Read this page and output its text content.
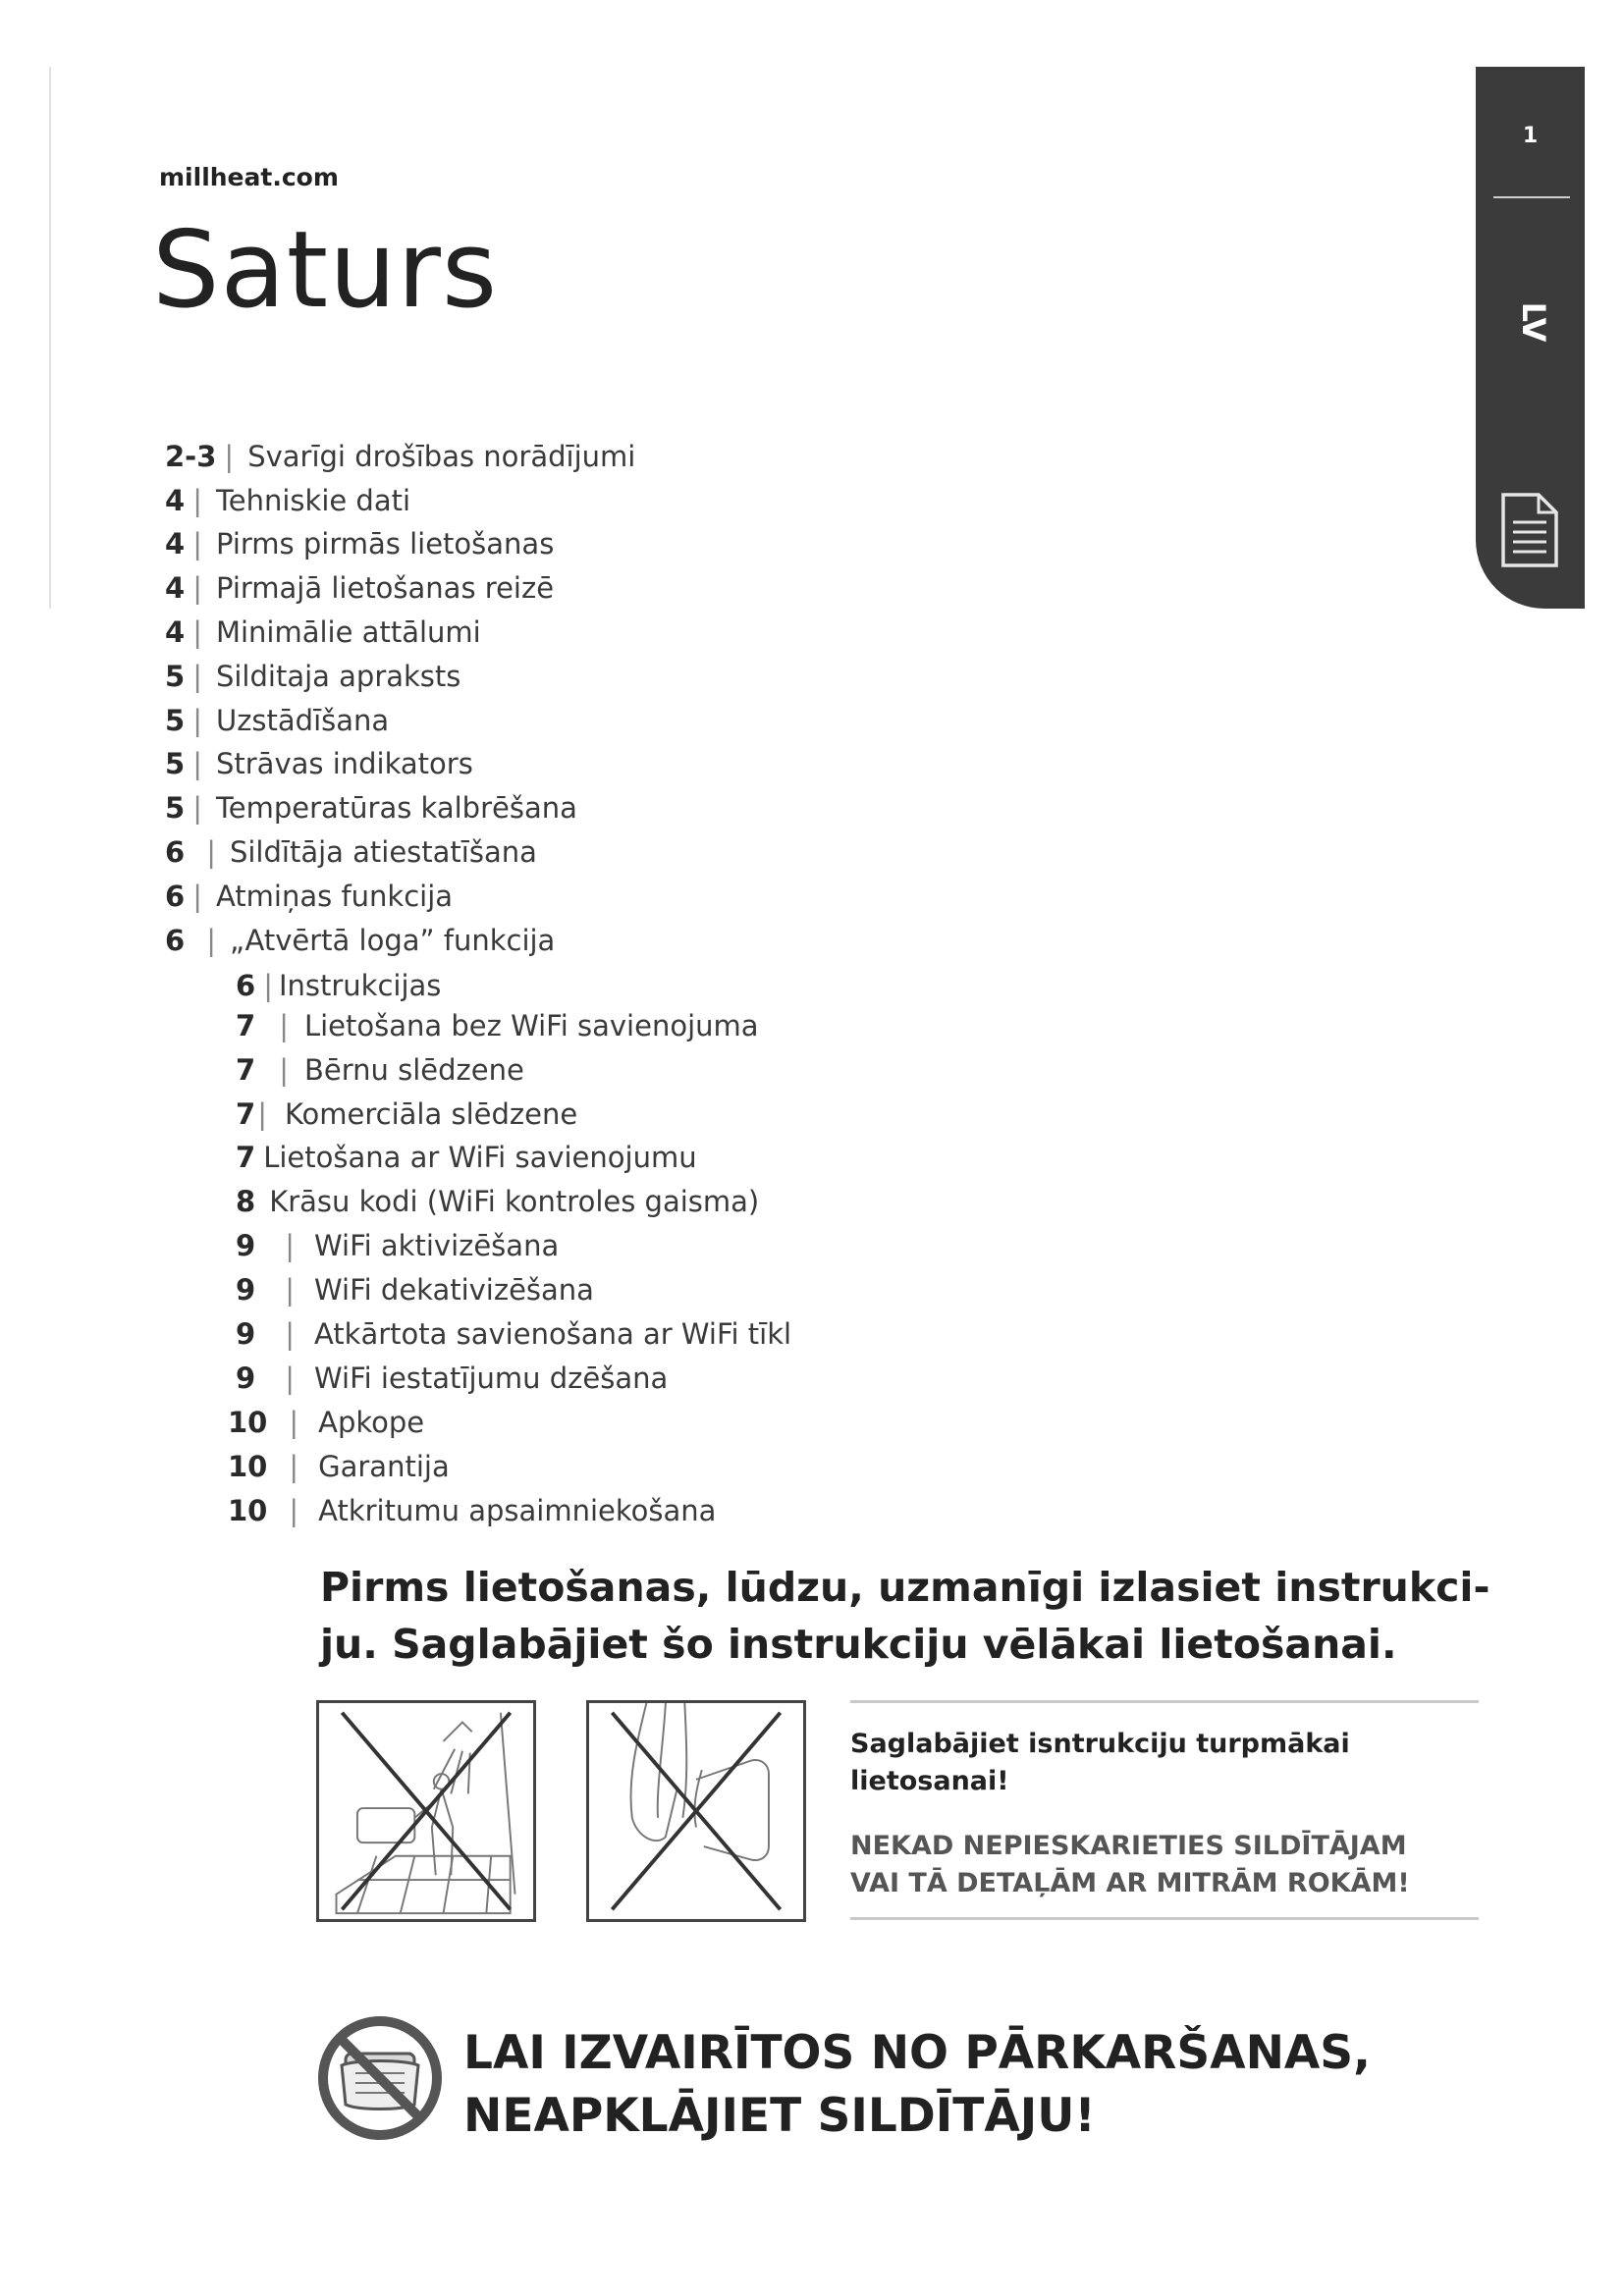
millheat.com
Saturs
2-3 | Svarīgi drošības norādījumi
4 | Tehniskie dati
4 | Pirms pirmās lietošanas
4 | Pirmajā lietošanas reizē
4 | Minimālie attālumi
5 | Silditaja apraksts
5 | Uzstādīšana
5 | Strāvas indikators
5 | Temperatūras kalbrēšana
6 | Sildītāja atiestatīšana
6 | Atmiņas funkcija
6 | „Atvērtā loga” funkcija
6 | Instrukcijas
7 | Lietošana bez WiFi savienojuma
7 | Bērnu slēdzene
7| Komerciāla slēdzene
7 Lietošana ar WiFi savienojumu
8 Krāsu kodi (WiFi kontroles gaisma)
9 | WiFi aktivizēšana
9 | WiFi dekativizēšana
9 | Atkārtota savienošana ar WiFi tīkl
9 | WiFi iestatījumu dzēšana
10 | Apkope
10 | Garantija
10 | Atkritumu apsaimniekošana
1
LV
Pirms lietošanas, lūdzu, uzmanīgi izlasiet instrukci-
ju. Saglabājiet šo instrukciju vēlākai lietošanai.
Saglabājiet isntrukciju turpmākai
lietosanai!
NEKAD NEPIESKARIETIES SILDĪTĀJAM
VAI TĀ DETAĻĀM AR MITRĀM ROKĀM!
LAI IZVAIRĪTOS NO PĀRKARŠANAS,
NEAPKLĀJIET SILDĪTĀJU!
